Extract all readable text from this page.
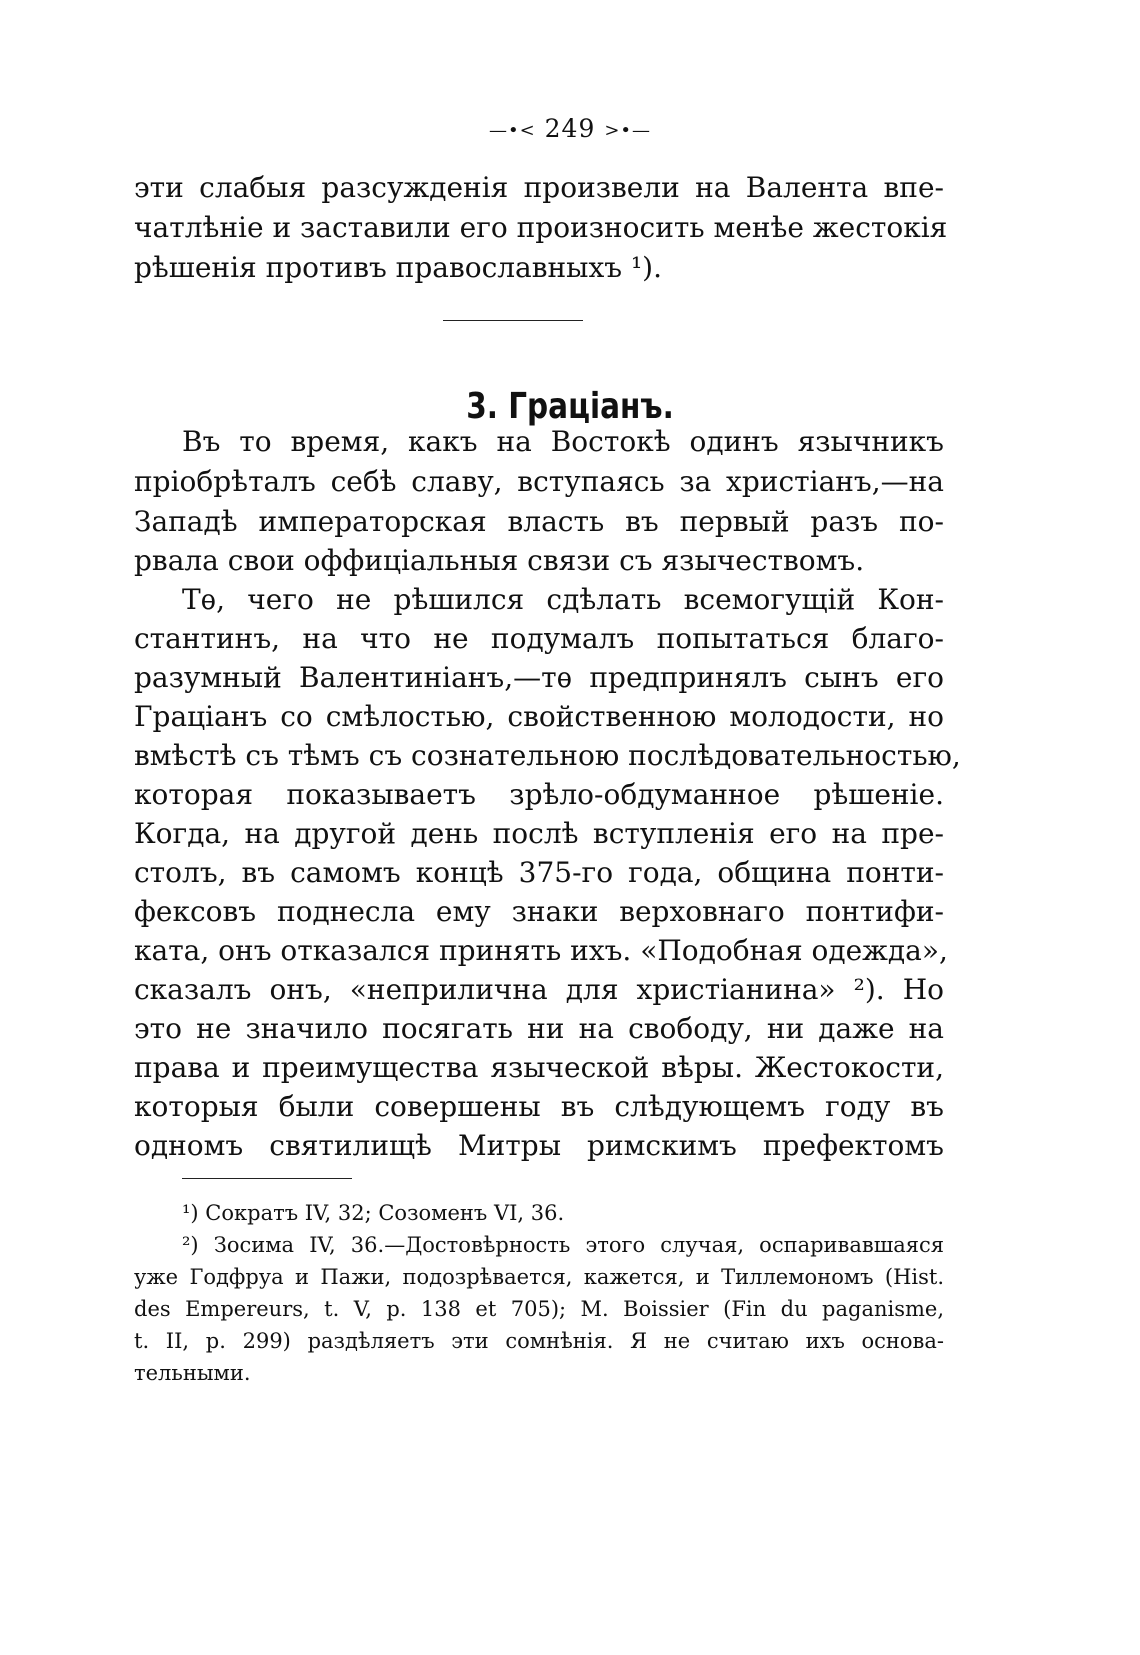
—•< 249 >•—
эти слабыя разсужденія произвели на Валента впе-
чатлѣніе и заставили его произносить менѣе жестокія
рѣшенія противъ православныхъ ¹).
3. Граціанъ.
Въ то время, какъ на Востокѣ одинъ язычникъ
пріобрѣталъ себѣ славу, вступаясь за христіанъ,—на
Западѣ императорская власть въ первый разъ по-
рвала свои оффиціальныя связи съ язычествомъ.
Тѳ, чего не рѣшился сдѣлать всемогущій Кон-
стантинъ, на что не подумалъ попытаться благо-
разумный Валентиніанъ,—тѳ предпринялъ сынъ его
Граціанъ со смѣлостью, свойственною молодости, но
вмѣстѣ съ тѣмъ съ сознательною послѣдовательностью,
которая показываетъ зрѣло-обдуманное рѣшеніе.
Когда, на другой день послѣ вступленія его на пре-
столъ, въ самомъ концѣ 375-го года, община понти-
фексовъ поднесла ему знаки верховнаго понтифи-
ката, онъ отказался принять ихъ. «Подобная одежда»,
сказалъ онъ, «неприлична для христіанина» ²). Но
это не значило посягать ни на свободу, ни даже на
права и преимущества языческой вѣры. Жестокости,
которыя были совершены въ слѣдующемъ году въ
одномъ святилищѣ Митры римскимъ префектомъ
¹) Сократъ IV, 32; Созоменъ VI, 36.
²) Зосима IV, 36.—Достовѣрность этого случая, оспаривавшаяся
уже Годфруа и Пажи, подозрѣвается, кажется, и Тиллемономъ (Hist.
des Empereurs, t. V, p. 138 et 705); M. Boissier (Fin du paganisme,
t. II, p. 299) раздѣляетъ эти сомнѣнія. Я не считаю ихъ основа-
тельными.
